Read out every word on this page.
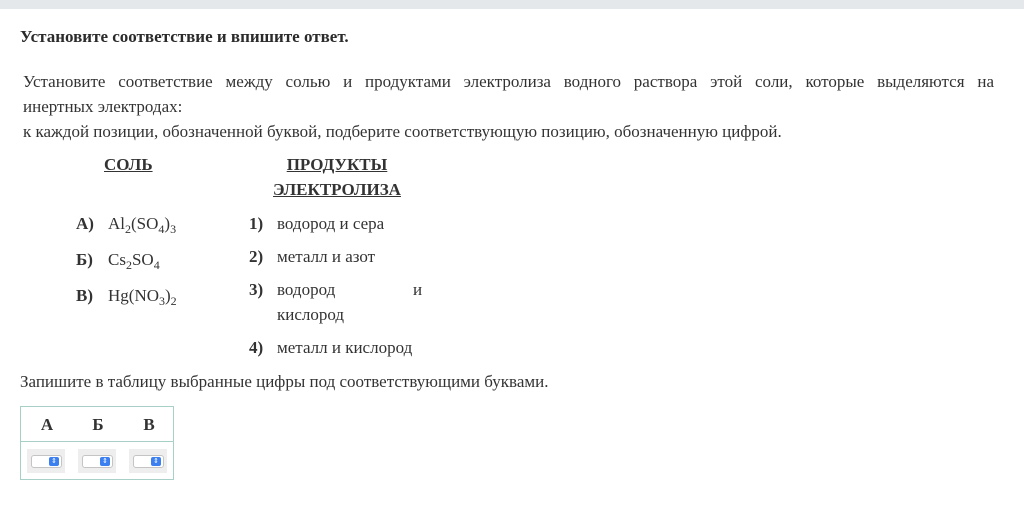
Установите соответствие и впишите ответ.
Установите соответствие между солью и продуктами электролиза водного раствора этой соли, которые выделяются на
инертных электродах:
к каждой позиции, обозначенной буквой, подберите соответствующую позицию, обозначенную цифрой.
СОЛЬ	ПРОДУКТЫ
ЭЛЕКТРОЛИЗА
А) $Al_2(SO_4)_3$
Б) $Cs_2SO_4$
В) $Hg(NO_3)_2$
1) водород и сера
2) металл и азот
3) водород	и
кислород
4) металл и кислород
Запишите в таблицу выбранные цифры под соответствующими буквами.
А	Б	В
⇕	⇕	⇕
